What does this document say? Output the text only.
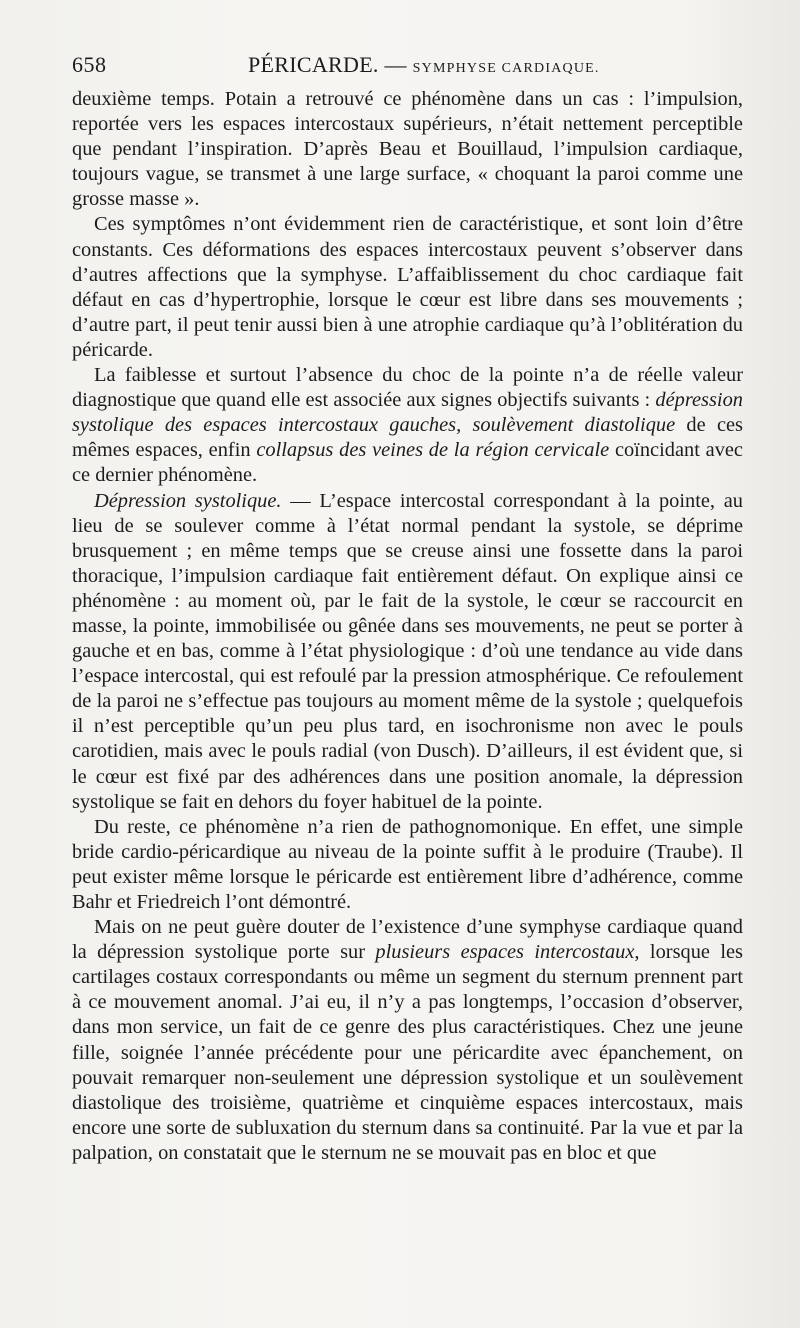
658	PÉRICARDE. — SYMPHYSE CARDIAQUE.

deuxième temps. Potain a retrouvé ce phénomène dans un cas : l’impulsion, reportée vers les espaces intercostaux supérieurs, n’était nettement perceptible que pendant l’inspiration. D’après Beau et Bouillaud, l’impulsion cardiaque, toujours vague, se transmet à une large surface, « choquant la paroi comme une grosse masse ».

Ces symptômes n’ont évidemment rien de caractéristique, et sont loin d’être constants. Ces déformations des espaces intercostaux peuvent s’observer dans d’autres affections que la symphyse. L’affaiblissement du choc cardiaque fait défaut en cas d’hypertrophie, lorsque le cœur est libre dans ses mouvements ; d’autre part, il peut tenir aussi bien à une atrophie cardiaque qu’à l’oblitération du péricarde.

La faiblesse et surtout l’absence du choc de la pointe n’a de réelle valeur diagnostique que quand elle est associée aux signes objectifs suivants : dépression systolique des espaces intercostaux gauches, soulèvement diastolique de ces mêmes espaces, enfin collapsus des veines de la région cervicale coïncidant avec ce dernier phénomène.

Dépression systolique. — L’espace intercostal correspondant à la pointe, au lieu de se soulever comme à l’état normal pendant la systole, se déprime brusquement ; en même temps que se creuse ainsi une fossette dans la paroi thoracique, l’impulsion cardiaque fait entièrement défaut. On explique ainsi ce phénomène : au moment où, par le fait de la systole, le cœur se raccourcit en masse, la pointe, immobilisée ou gênée dans ses mouvements, ne peut se porter à gauche et en bas, comme à l’état physiologique : d’où une tendance au vide dans l’espace intercostal, qui est refoulé par la pression atmosphérique. Ce refoulement de la paroi ne s’effectue pas toujours au moment même de la systole ; quelquefois il n’est perceptible qu’un peu plus tard, en isochronisme non avec le pouls carotidien, mais avec le pouls radial (von Dusch). D’ailleurs, il est évident que, si le cœur est fixé par des adhérences dans une position anomale, la dépression systolique se fait en dehors du foyer habituel de la pointe.

Du reste, ce phénomène n’a rien de pathognomonique. En effet, une simple bride cardio-péricardique au niveau de la pointe suffit à le produire (Traube). Il peut exister même lorsque le péricarde est entièrement libre d’adhérence, comme Bahr et Friedreich l’ont démontré.

Mais on ne peut guère douter de l’existence d’une symphyse cardiaque quand la dépression systolique porte sur plusieurs espaces intercostaux, lorsque les cartilages costaux correspondants ou même un segment du sternum prennent part à ce mouvement anomal. J’ai eu, il n’y a pas longtemps, l’occasion d’observer, dans mon service, un fait de ce genre des plus caractéristiques. Chez une jeune fille, soignée l’année précédente pour une péricardite avec épanchement, on pouvait remarquer non-seulement une dépression systolique et un soulèvement diastolique des troisième, quatrième et cinquième espaces intercostaux, mais encore une sorte de subluxation du sternum dans sa continuité. Par la vue et par la palpation, on constatait que le sternum ne se mouvait pas en bloc et que
